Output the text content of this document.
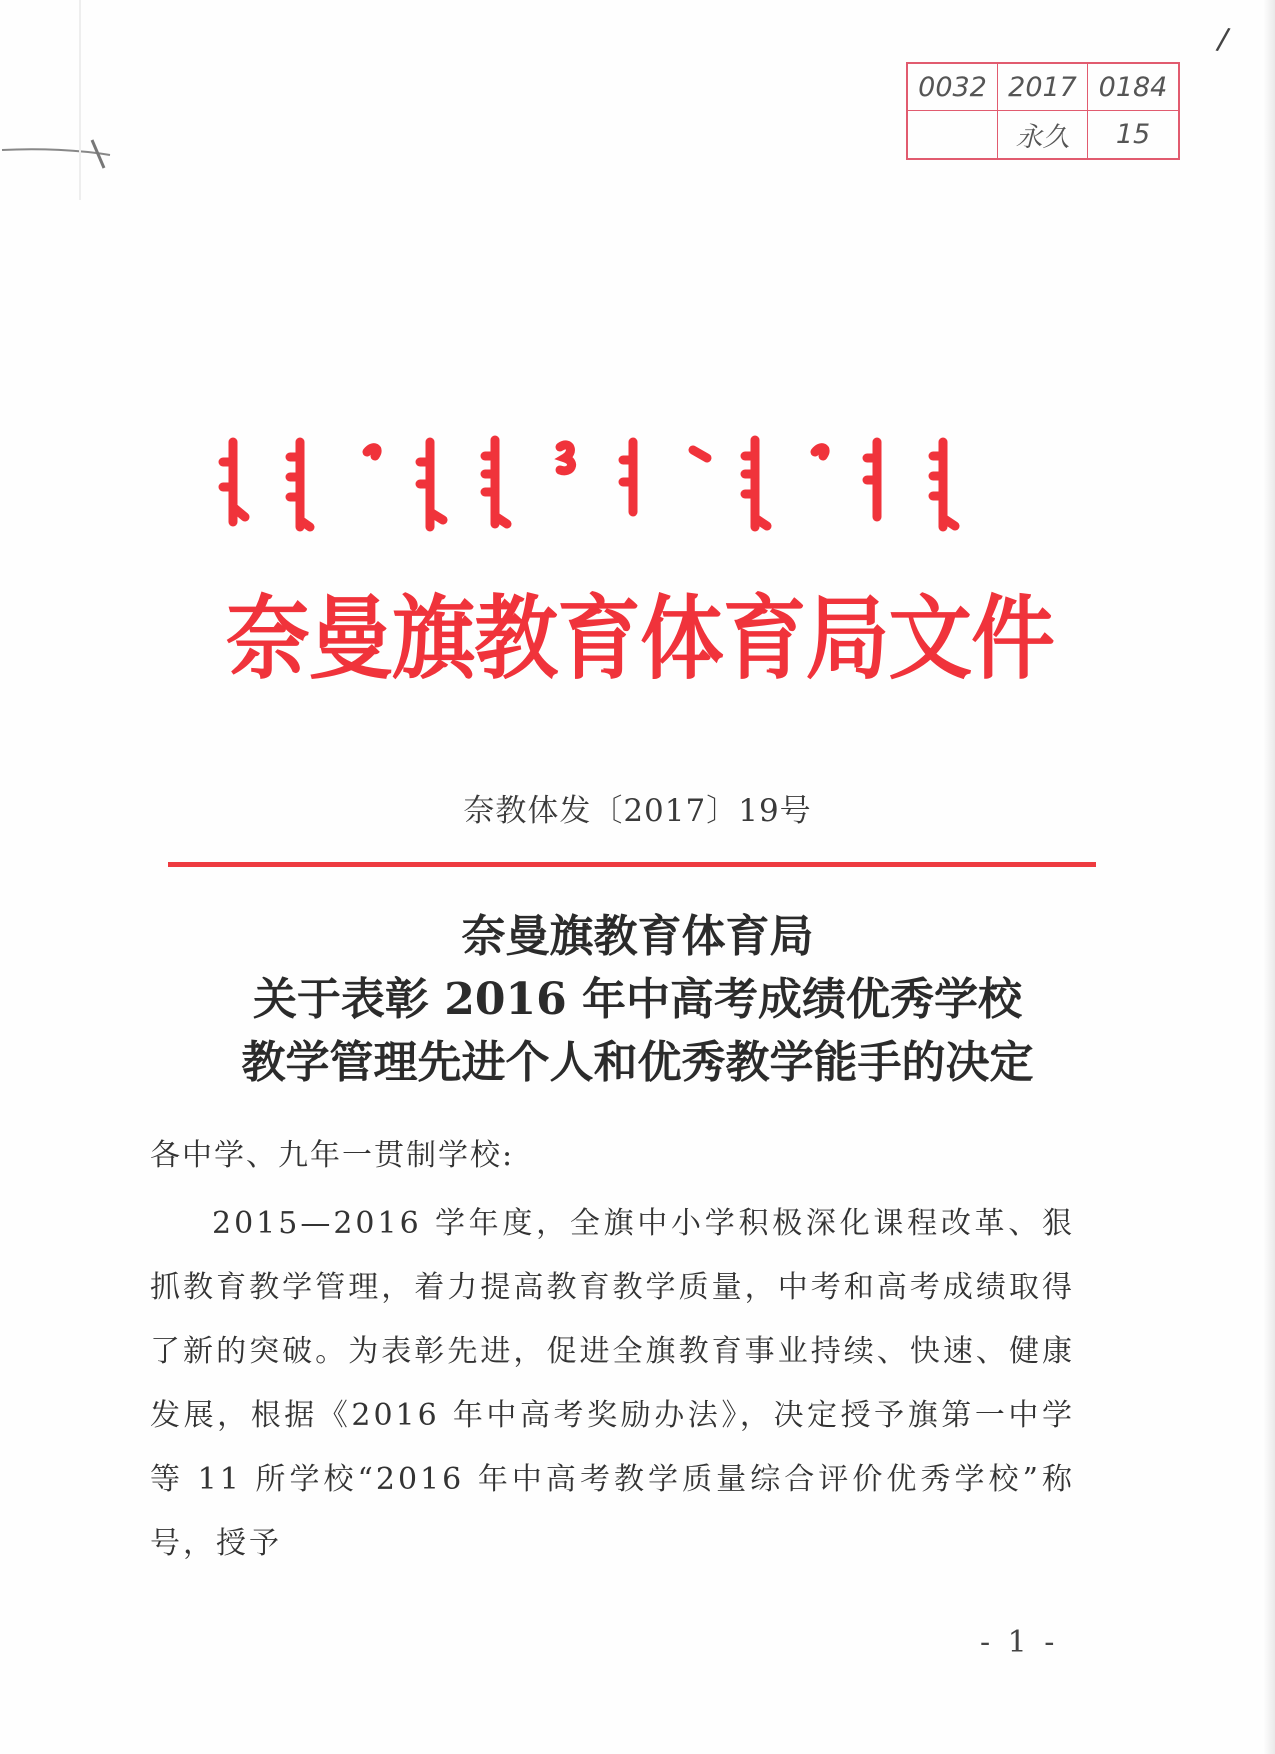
/
0032 2017 0184
永久	15
奈曼旗教育体育局文件
奈教体发〔2017〕19号
奈曼旗教育体育局
关于表彰 2016 年中高考成绩优秀学校
教学管理先进个人和优秀教学能手的决定
各中学、九年一贯制学校:
2015—2016 学年度，全旗中小学积极深化课程改革、狠抓教育教学管理，着力提高教育教学质量，中考和高考成绩取得了新的突破。为表彰先进，促进全旗教育事业持续、快速、健康发展，根据《2016 年中高考奖励办法》，决定授予旗第一中学等 11 所学校“2016 年中高考教学质量综合评价优秀学校”称号，授予
- 1 -
